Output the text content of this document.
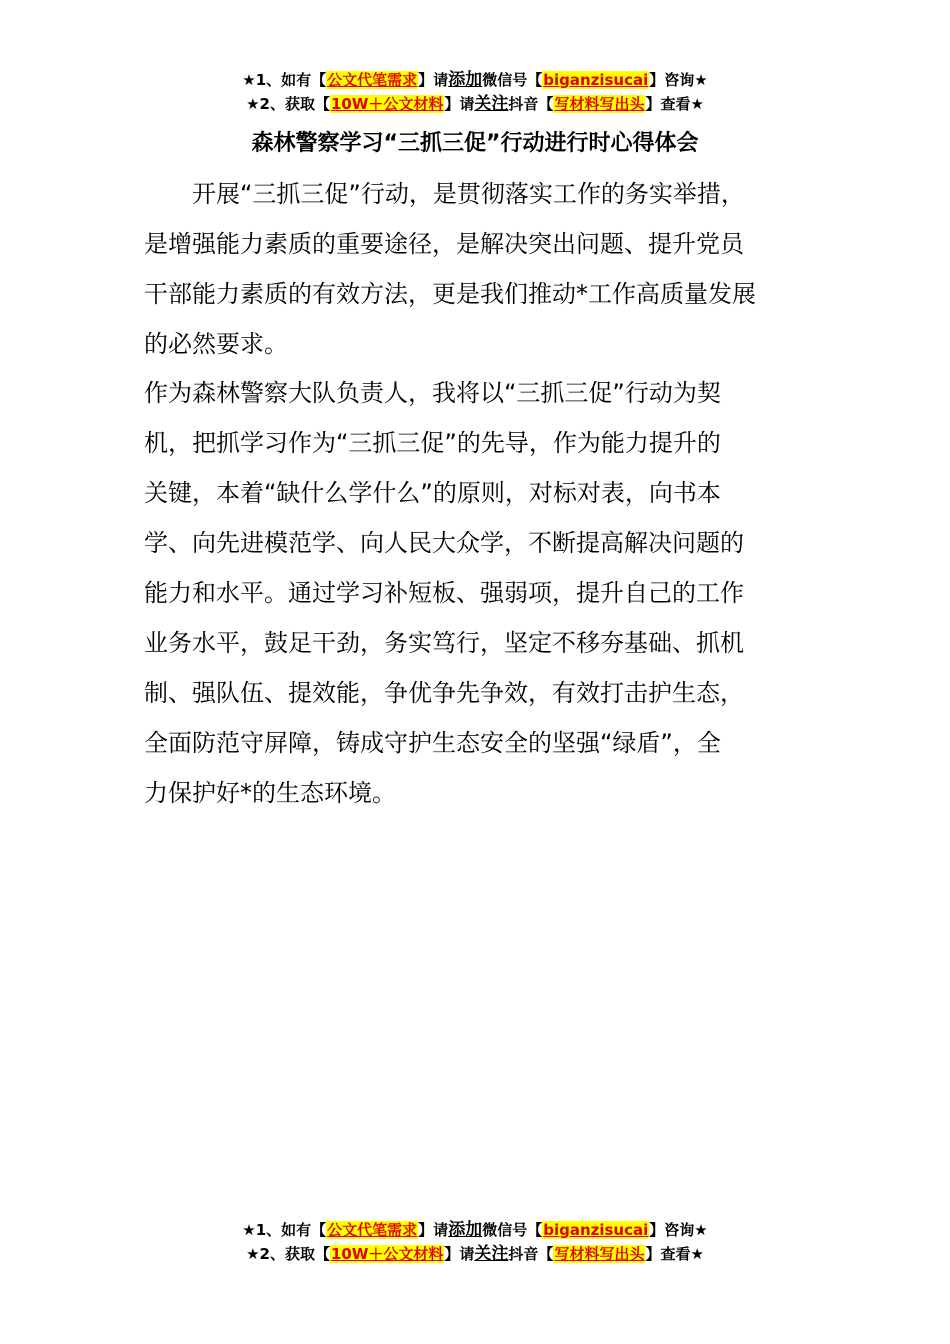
★1、如有【公文代笔需求】请添加微信号【biganzisucai】咨询★
★2、获取【10W＋公文材料】请关注抖音【写材料写出头】查看★
森林警察学习“三抓三促”行动进行时心得体会

　　开展“三抓三促”行动，是贯彻落实工作的务实举措，
是增强能力素质的重要途径，是解决突出问题、提升党员
干部能力素质的有效方法，更是我们推动*工作高质量发展
的必然要求。

作为森林警察大队负责人，我将以“三抓三促”行动为契
机，把抓学习作为“三抓三促”的先导，作为能力提升的
关键，本着“缺什么学什么”的原则，对标对表，向书本
学、向先进模范学、向人民大众学，不断提高解决问题的
能力和水平。通过学习补短板、强弱项，提升自己的工作
业务水平，鼓足干劲，务实笃行，坚定不移夯基础、抓机
制、强队伍、提效能，争优争先争效，有效打击护生态，
全面防范守屏障，铸成守护生态安全的坚强“绿盾”，全
力保护好*的生态环境。

★1、如有【公文代笔需求】请添加微信号【biganzisucai】咨询★
★2、获取【10W＋公文材料】请关注抖音【写材料写出头】查看★
